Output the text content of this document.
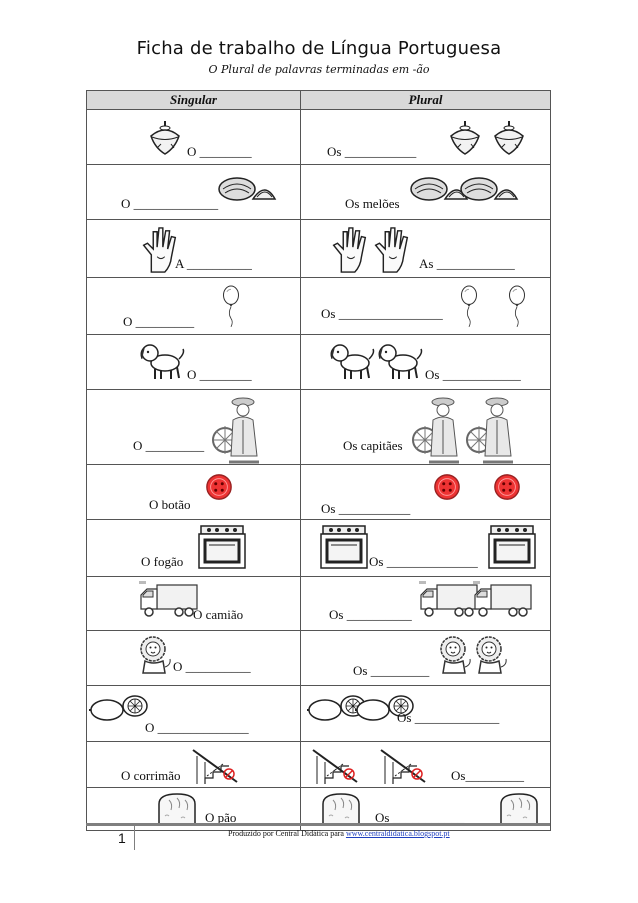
Ficha de trabalho de Língua Portuguesa
O Plural de palavras terminadas em -ão
Singular	Plural

O ________	Os ___________

O _____________	Os melões

A __________	As ____________

O _________	Os ________________

O ________	Os ____________

O _________	Os capitães

O botão	Os ___________

O fogão	Os ______________

O camião	Os __________

O __________	Os _________

O ______________	Os _____________

O corrimão	Os_________

O pão	Os ___________
1	Produzido por Central Didática para www.centraldidatica.blogspot.pt
